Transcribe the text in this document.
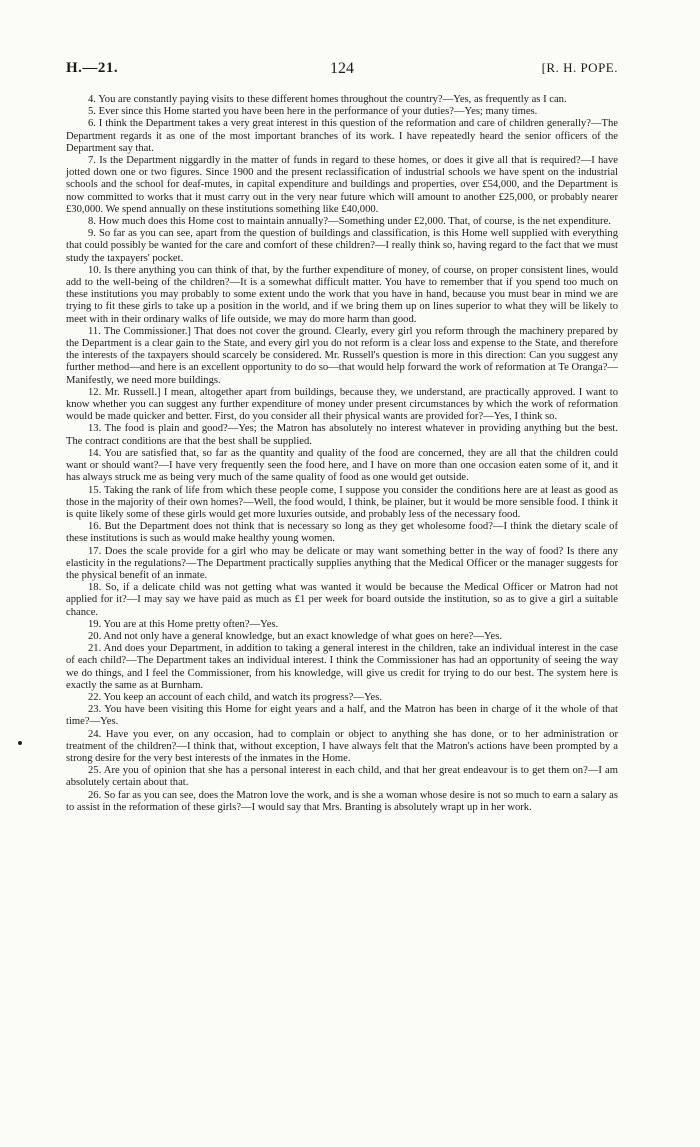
H.—21.	124	[R. H. POPE.

4. You are constantly paying visits to these different homes throughout the country?—Yes, as frequently as I can.

5. Ever since this Home started you have been here in the performance of your duties?—Yes; many times.

6. I think the Department takes a very great interest in this question of the reformation and care of children generally?—The Department regards it as one of the most important branches of its work. I have repeatedly heard the senior officers of the Department say that.

7. Is the Department niggardly in the matter of funds in regard to these homes, or does it give all that is required?—I have jotted down one or two figures. Since 1900 and the present reclassification of industrial schools we have spent on the industrial schools and the school for deaf-mutes, in capital expenditure and buildings and properties, over £54,000, and the Department is now committed to works that it must carry out in the very near future which will amount to another £25,000, or probably nearer £30,000. We spend annually on these institutions something like £40,000.

8. How much does this Home cost to maintain annually?—Something under £2,000. That, of course, is the net expenditure.

9. So far as you can see, apart from the question of buildings and classification, is this Home well supplied with everything that could possibly be wanted for the care and comfort of these children?—I really think so, having regard to the fact that we must study the taxpayers' pocket.

10. Is there anything you can think of that, by the further expenditure of money, of course, on proper consistent lines, would add to the well-being of the children?—It is a somewhat difficult matter. You have to remember that if you spend too much on these institutions you may probably to some extent undo the work that you have in hand, because you must bear in mind we are trying to fit these girls to take up a position in the world, and if we bring them up on lines superior to what they will be likely to meet with in their ordinary walks of life outside, we may do more harm than good.

11. The Commissioner.] That does not cover the ground. Clearly, every girl you reform through the machinery prepared by the Department is a clear gain to the State, and every girl you do not reform is a clear loss and expense to the State, and therefore the interests of the taxpayers should scarcely be considered. Mr. Russell's question is more in this direction: Can you suggest any further method—and here is an excellent opportunity to do so—that would help forward the work of reformation at Te Oranga?—Manifestly, we need more buildings.

12. Mr. Russell.] I mean, altogether apart from buildings, because they, we understand, are practically approved. I want to know whether you can suggest any further expenditure of money under present circumstances by which the work of reformation would be made quicker and better. First, do you consider all their physical wants are provided for?—Yes, I think so.

13. The food is plain and good?—Yes; the Matron has absolutely no interest whatever in providing anything but the best. The contract conditions are that the best shall be supplied.

14. You are satisfied that, so far as the quantity and quality of the food are concerned, they are all that the children could want or should want?—I have very frequently seen the food here, and I have on more than one occasion eaten some of it, and it has always struck me as being very much of the same quality of food as one would get outside.

15. Taking the rank of life from which these people come, I suppose you consider the conditions here are at least as good as those in the majority of their own homes?—Well, the food would, I think, be plainer, but it would be more sensible food. I think it is quite likely some of these girls would get more luxuries outside, and probably less of the necessary food.

16. But the Department does not think that is necessary so long as they get wholesome food?—I think the dietary scale of these institutions is such as would make healthy young women.

17. Does the scale provide for a girl who may be delicate or may want something better in the way of food? Is there any elasticity in the regulations?—The Department practically supplies anything that the Medical Officer or the manager suggests for the physical benefit of an inmate.

18. So, if a delicate child was not getting what was wanted it would be because the Medical Officer or Matron had not applied for it?—I may say we have paid as much as £1 per week for board outside the institution, so as to give a girl a suitable chance.

19. You are at this Home pretty often?—Yes.

20. And not only have a general knowledge, but an exact knowledge of what goes on here?—Yes.

21. And does your Department, in addition to taking a general interest in the children, take an individual interest in the case of each child?—The Department takes an individual interest. I think the Commissioner has had an opportunity of seeing the way we do things, and I feel the Commissioner, from his knowledge, will give us credit for trying to do our best. The system here is exactly the same as at Burnham.

22. You keep an account of each child, and watch its progress?—Yes.

23. You have been visiting this Home for eight years and a half, and the Matron has been in charge of it the whole of that time?—Yes.

24. Have you ever, on any occasion, had to complain or object to anything she has done, or to her administration or treatment of the children?—I think that, without exception, I have always felt that the Matron's actions have been prompted by a strong desire for the very best interests of the inmates in the Home.

25. Are you of opinion that she has a personal interest in each child, and that her great endeavour is to get them on?—I am absolutely certain about that.

26. So far as you can see, does the Matron love the work, and is she a woman whose desire is not so much to earn a salary as to assist in the reformation of these girls?—I would say that Mrs. Branting is absolutely wrapt up in her work.
